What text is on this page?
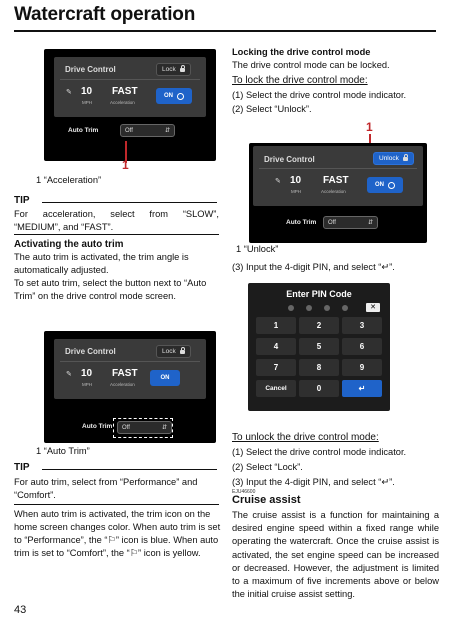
Watercraft operation
Drive Control	Lock
✎ 10
MPH
FAST
Acceleration
ON
Auto Trim	Off	⇵
1
1 “Acceleration”
TIP
For acceleration, select from “SLOW”, “MEDIUM”, and “FAST”.
Activating the auto trim
The auto trim is activated, the trim angle is automatically adjusted.
To set auto trim, select the button next to “Auto Trim” on the drive control mode screen.
Drive Control	Lock
✎ 10
MPH
FAST
Acceleration
ON
Auto Trim Off	⇵
1 “Auto Trim”
TIP
For auto trim, select from “Performance” and “Comfort”.
When auto trim is activated, the trim icon on the home screen changes color. When auto trim is set to “Performance”, the “⚐” icon is blue. When auto trim is set to “Comfort”, the “⚐” icon is yellow.
43
Locking the drive control mode
The drive control mode can be locked.
To lock the drive control mode:
(1) Select the drive control mode indicator.
(2) Select “Unlock”.
1
Drive Control	Unlock
✎ 10
MPH
FAST
Acceleration
ON
Auto Trim Off	⇵
1 “Unlock”
(3) Input the 4-digit PIN, and select “↵”.
Enter PIN Code
✕
1	2	3
4	5	6
7	8	9
Cancel	0	↵
To unlock the drive control mode:
(1) Select the drive control mode indicator.
(2) Select “Lock”.
(3) Input the 4-digit PIN, and select “↵”.
EJU46600
Cruise assist
The cruise assist is a function for maintaining a desired engine speed within a fixed range while operating the watercraft. Once the cruise assist is activated, the set engine speed can be increased or decreased. However, the adjustment is limited to a maximum of five increments above or below the initial cruise assist setting.
